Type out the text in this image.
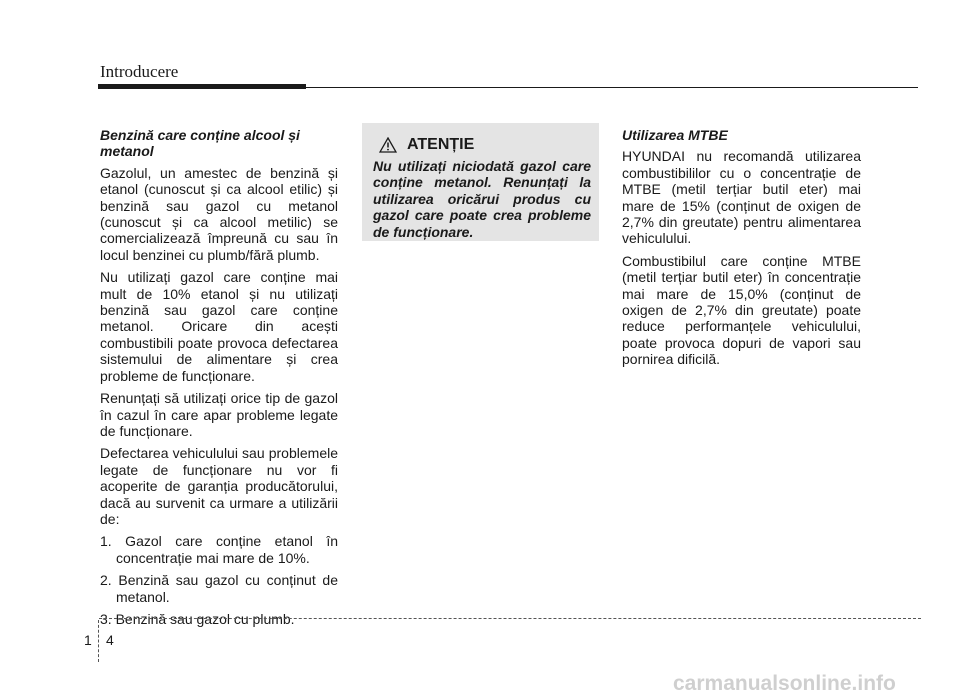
Introducere
Benzină care conține alcool și metanol

Gazolul, un amestec de benzină și etanol (cunoscut și ca alcool etilic) și benzină sau gazol cu metanol (cunoscut și ca alcool metilic) se comercializează împreună cu sau în locul benzinei cu plumb/fără plumb.

Nu utilizați gazol care conține mai mult de 10% etanol și nu utilizați benzină sau gazol care conține metanol. Oricare din acești combustibili poate provoca defectarea sistemului de alimentare și crea probleme de funcționare.

Renunțați să utilizați orice tip de gazol în cazul în care apar probleme legate de funcționare.

Defectarea vehiculului sau problemele legate de funcționare nu vor fi acoperite de garanția producătorului, dacă au survenit ca urmare a utilizării de:

1. Gazol care conține etanol în concentrație mai mare de 10%.
2. Benzină sau gazol cu conținut de metanol.
3. Benzină sau gazol cu plumb.
ATENȚIE

Nu utilizați niciodată gazol care conține metanol. Renunțați la utilizarea oricărui produs cu gazol care poate crea probleme de funcționare.

Utilizarea MTBE

HYUNDAI nu recomandă utilizarea combustibililor cu o concentrație de MTBE (metil terțiar butil eter) mai mare de 15% (conținut de oxigen de 2,7% din greutate) pentru alimentarea vehiculului.

Combustibilul care conține MTBE (metil terțiar butil eter) în concentrație mai mare de 15,0% (conținut de oxigen de 2,7% din greutate) poate reduce performanțele vehiculului, poate provoca dopuri de vapori sau pornirea dificilă.

1 4
carmanualsonline.info
